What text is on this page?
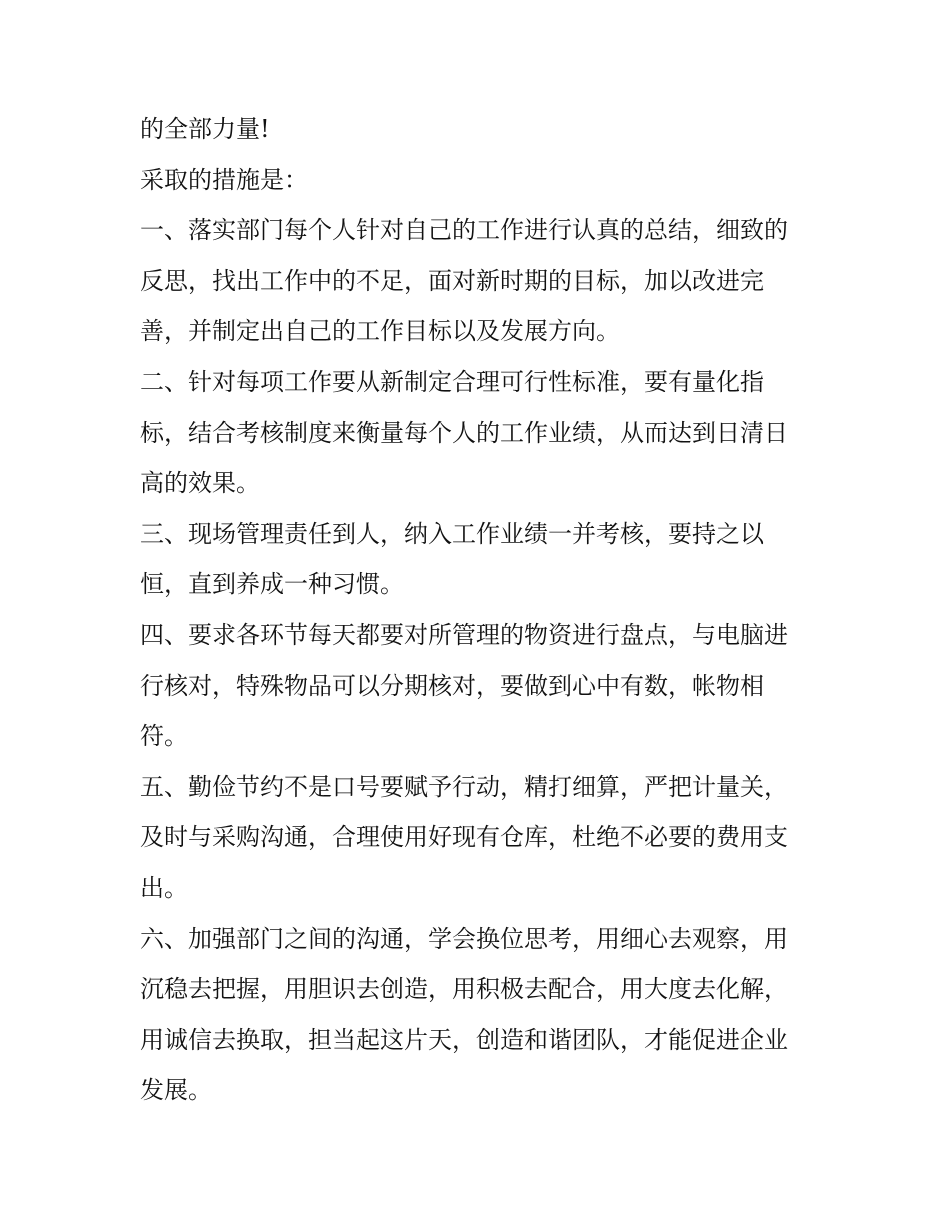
的全部力量!
采取的措施是：
一、落实部门每个人针对自己的工作进行认真的总结，细致的
反思，找出工作中的不足，面对新时期的目标，加以改进完
善，并制定出自己的工作目标以及发展方向。
二、针对每项工作要从新制定合理可行性标准，要有量化指
标，结合考核制度来衡量每个人的工作业绩，从而达到日清日
高的效果。
三、现场管理责任到人，纳入工作业绩一并考核，要持之以
恒，直到养成一种习惯。
四、要求各环节每天都要对所管理的物资进行盘点，与电脑进
行核对，特殊物品可以分期核对，要做到心中有数，帐物相
符。
五、勤俭节约不是口号要赋予行动，精打细算，严把计量关，
及时与采购沟通，合理使用好现有仓库，杜绝不必要的费用支
出。
六、加强部门之间的沟通，学会换位思考，用细心去观察，用
沉稳去把握，用胆识去创造，用积极去配合，用大度去化解，
用诚信去换取，担当起这片天，创造和谐团队，才能促进企业
发展。
